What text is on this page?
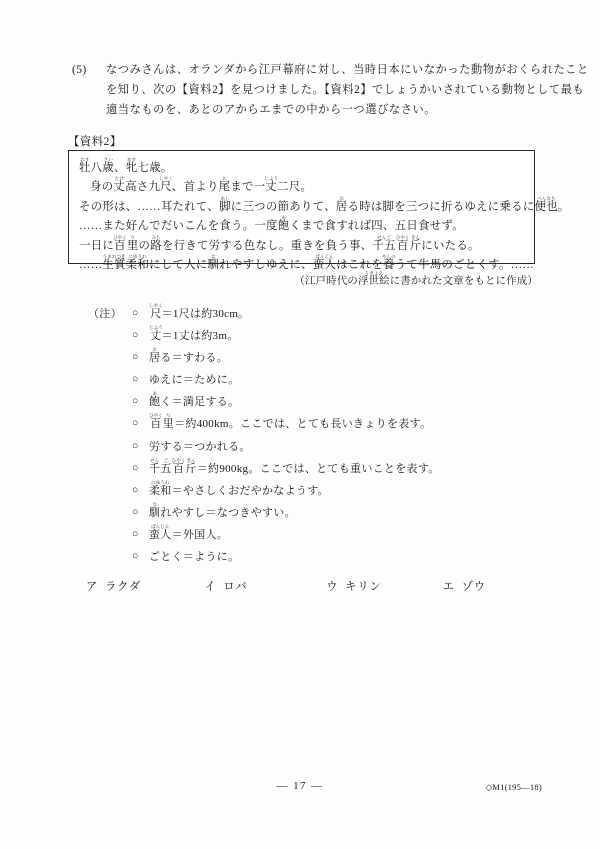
(5)	なつみさんは、オランダから江戸幕府に対し、当時日本にいなかった動物がおくられたこと
を知り、次の【資料2】を見つけました。【資料2】でしょうかいされている動物として最も
適当なものを、あとのアからエまでの中から一つ選びなさい。
【資料2】
牡おす八歳さい、牝めす七歳。
身の丈たけ高さ九尺しやく、首より尾おまで一丈じよう二尺。
その形は、……耳たれて、脚あしに三つの節ありて、居おる時は脚を三つに折るゆえに乗るに便也べんなり。
……また好んでだいこんを食う。一度飽あくまで食すれば四、五日食せず。
一日に百ひやく里りの路みちを行きて労する色なし。重きを負う事、千五せんご百ひやく斤きんにいたる。
……生質うまれつき柔和にゆうわにして人に馴なれやすしゆえに、蛮人ばんじんはこれを養やしのうて牛馬のごとくす。……
（江戸時代の浮世絵うきよえに書かれた文章をもとに作成）
（注） ○ 尺しやく＝1尺は約30cm。
○ 丈じよう＝1丈は約3m。
○ 居おる＝すわる。
○ ゆえに＝ために。
○ 飽あく＝満足する。
○ 百ひやく里り＝約400km。ここでは、とても長いきょりを表す。
○ 労する＝つかれる。
○ 千せん五ご百ひやく斤きん＝約900kg。ここでは、とても重いことを表す。
○ 柔和にゆうわ＝やさしくおだやかなようす。
○ 馴なれやすし＝なつきやすい。
○ 蛮人ばんじん＝外国人。
○ ごとく＝ように。
ア ラクダ	イ ロバ	ウ キリン	エ ゾウ
— 17 —	◇M1(195—18)
